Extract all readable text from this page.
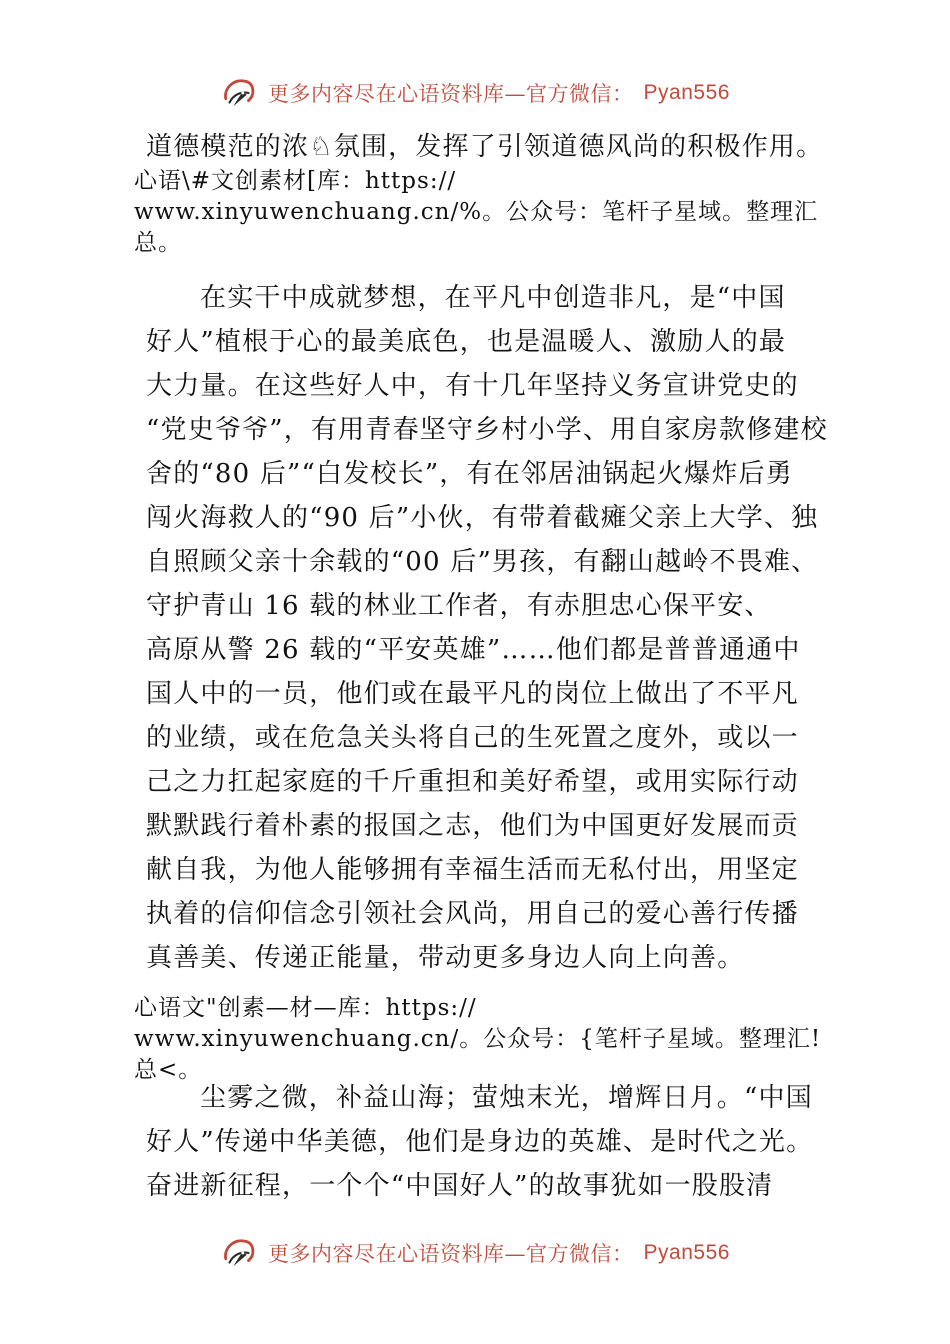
更多内容尽在心语资料库—官方微信： Pyan556
道德模范的浓♘氛围，发挥了引领道德风尚的积极作用。
心语\#文创素材[库：https://
www.xinyuwenchuang.cn/%。公众号：笔杆子星域。整理汇
总。
在实干中成就梦想，在平凡中创造非凡，是“中国
好人”植根于心的最美底色，也是温暖人、激励人的最
大力量。在这些好人中，有十几年坚持义务宣讲党史的
“党史爷爷”，有用青春坚守乡村小学、用自家房款修建校
舍的“80 后”“白发校长”，有在邻居油锅起火爆炸后勇
闯火海救人的“90 后”小伙，有带着截瘫父亲上大学、独
自照顾父亲十余载的“00 后”男孩，有翻山越岭不畏难、
守护青山 16 载的林业工作者，有赤胆忠心保平安、
高原从警 26 载的“平安英雄”……他们都是普普通通中
国人中的一员，他们或在最平凡的岗位上做出了不平凡
的业绩，或在危急关头将自己的生死置之度外，或以一
己之力扛起家庭的千斤重担和美好希望，或用实际行动
默默践行着朴素的报国之志，他们为中国更好发展而贡
献自我，为他人能够拥有幸福生活而无私付出，用坚定
执着的信仰信念引领社会风尚，用自己的爱心善行传播
真善美、传递正能量，带动更多身边人向上向善。
心语文"创素—材—库：https://
www.xinyuwenchuang.cn/。公众号：{笔杆子星域。整理汇!
总<。
尘雾之微，补益山海；萤烛末光，增辉日月。“中国
好人”传递中华美德，他们是身边的英雄、是时代之光。
奋进新征程，一个个“中国好人”的故事犹如一股股清
更多内容尽在心语资料库—官方微信： Pyan556
